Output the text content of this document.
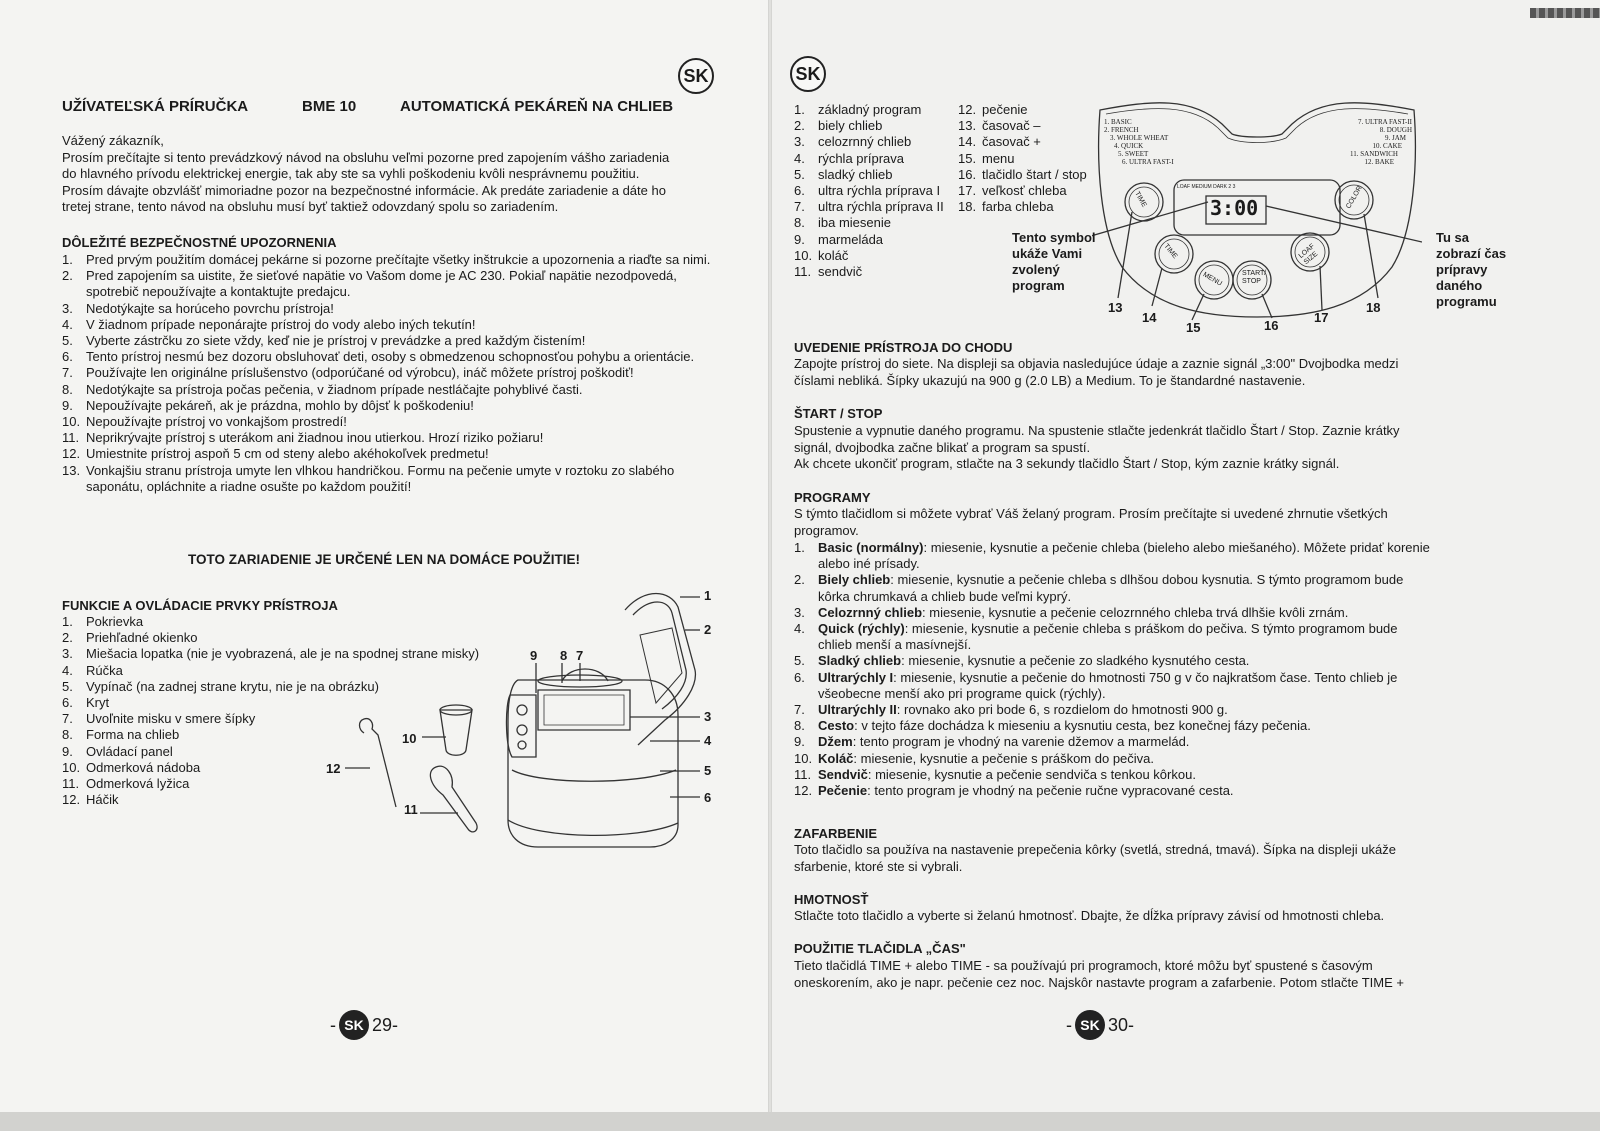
SK
UŽÍVATEĽSKÁ PRÍRUČKA	BME 10	AUTOMATICKÁ PEKÁREŇ NA CHLIEB
Vážený zákazník,
Prosím prečítajte si tento prevádzkový návod na obsluhu veľmi pozorne pred zapojením vášho zariadenia
do hlavného prívodu elektrickej energie, tak aby ste sa vyhli poškodeniu kvôli nesprávnemu použitiu.
Prosím dávajte obzvlášť mimoriadne pozor na bezpečnostné informácie. Ak predáte zariadenie a dáte ho
tretej strane, tento návod na obsluhu musí byť taktiež odovzdaný spolu so zariadením.
DÔLEŽITÉ BEZPEČNOSTNÉ UPOZORNENIA
1.	Pred prvým použitím domácej pekárne si pozorne prečítajte všetky inštrukcie a upozornenia a riaďte sa nimi.
2.	Pred zapojením sa uistite, že sieťové napätie vo Vašom dome je AC 230. Pokiaľ napätie nezodpovedá, spotrebič nepoužívajte a kontaktujte predajcu.
3.	Nedotýkajte sa horúceho povrchu prístroja!
4.	V žiadnom prípade neponárajte prístroj do vody alebo iných tekutín!
5.	Vyberte zástrčku zo siete vždy, keď nie je prístroj v prevádzke a pred každým čistením!
6.	Tento prístroj nesmú bez dozoru obsluhovať deti, osoby s obmedzenou schopnosťou pohybu a orientácie.
7.	Používajte len originálne príslušenstvo (odporúčané od výrobcu), ináč môžete prístroj poškodiť!
8.	Nedotýkajte sa prístroja počas pečenia, v žiadnom prípade nestláčajte pohyblivé časti.
9.	Nepoužívajte pekáreň, ak je prázdna, mohlo by dôjsť k poškodeniu!
10. Nepoužívajte prístroj vo vonkajšom prostredí!
11. Neprikrývajte prístroj s uterákom ani žiadnou inou utierkou. Hrozí riziko požiaru!
12. Umiestnite prístroj aspoň 5 cm od steny alebo akéhokoľvek predmetu!
13. Vonkajšiu stranu prístroja umyte len vlhkou handričkou. Formu na pečenie umyte v roztoku zo slabého saponátu, opláchnite a riadne osušte po každom použití!
TOTO ZARIADENIE JE URČENÉ LEN NA DOMÁCE POUŽITIE!
FUNKCIE A OVLÁDACIE PRVKY PRÍSTROJA
1.	Pokrievka
2.	Priehľadné okienko
3.	Miešacia lopatka (nie je vyobrazená, ale je na spodnej strane misky)
4.	Rúčka
5.	Vypínač (na zadnej strane krytu, nie je na obrázku)
6.	Kryt
7.	Uvoľnite misku v smere šípky
8.	Forma na chlieb
9.	Ovládací panel
10. Odmerková nádoba
11. Odmerková lyžica
12. Háčik
1
2
3
4
5
6
7
8
9
10
11
12
- SK 29 -
SK
1.	základný program
2.	biely chlieb
3.	celozrnný chlieb
4.	rýchla príprava
5.	sladký chlieb
6.	ultra rýchla príprava I
7.	ultra rýchla príprava II
8.	iba miesenie
9.	marmeláda
10. koláč
11. sendvič
12. pečenie
13. časovač –
14. časovač +
15. menu
16. tlačidlo štart / stop
17. veľkosť chleba
18. farba chleba
1. BASIC
2. FRENCH
3. WHOLE WHEAT
4. QUICK
5. SWEET
6. ULTRA FAST-I
7. ULTRA FAST-II
8. DOUGH
9. JAM
10. CAKE
11. SANDWICH
12. BAKE
LOAF MEDIUM DARK 2 3
3:00
TIME
TIME
MENU	START/ STOP
LOAF SIZE
COLOR
Tento symbol
ukáže Vami
zvolený
program
Tu sa
zobrazí čas
prípravy
daného
programu
13
14
15	16
17
18
UVEDENIE PRÍSTROJA DO CHODU
Zapojte prístroj do siete. Na displeji sa objavia nasledujúce údaje a zaznie signál „3:00" Dvojbodka medzi
číslami nebliká. Šípky ukazujú na 900 g (2.0 LB) a Medium. To je štandardné nastavenie.
ŠTART / STOP
Spustenie a vypnutie daného programu. Na spustenie stlačte jedenkrát tlačidlo Štart / Stop. Zaznie krátky
signál, dvojbodka začne blikať a program sa spustí.
Ak chcete ukončiť program, stlačte na 3 sekundy tlačidlo Štart / Stop, kým zaznie krátky signál.
PROGRAMY
S týmto tlačidlom si môžete vybrať Váš želaný program. Prosím prečítajte si uvedené zhrnutie všetkých
programov.
1.	Basic (normálny): miesenie, kysnutie a pečenie chleba (bieleho alebo miešaného). Môžete pridať korenie alebo iné prísady.
2.	Biely chlieb: miesenie, kysnutie a pečenie chleba s dlhšou dobou kysnutia. S týmto programom bude kôrka chrumkavá a chlieb bude veľmi kyprý.
3.	Celozrnný chlieb: miesenie, kysnutie a pečenie celozrnného chleba trvá dlhšie kvôli zrnám.
4.	Quick (rýchly): miesenie, kysnutie a pečenie chleba s práškom do pečiva. S týmto programom bude chlieb menší a masívnejší.
5.	Sladký chlieb: miesenie, kysnutie a pečenie zo sladkého kysnutého cesta.
6.	Ultrarýchly I: miesenie, kysnutie a pečenie do hmotnosti 750 g v čo najkratšom čase. Tento chlieb je všeobecne menší ako pri programe quick (rýchly).
7.	Ultrarýchly II: rovnako ako pri bode 6, s rozdielom do hmotnosti 900 g.
8.	Cesto: v tejto fáze dochádza k mieseniu a kysnutiu cesta, bez konečnej fázy pečenia.
9.	Džem: tento program je vhodný na varenie džemov a marmelád.
10. Koláč: miesenie, kysnutie a pečenie s práškom do pečiva.
11. Sendvič: miesenie, kysnutie a pečenie sendviča s tenkou kôrkou.
12. Pečenie: tento program je vhodný na pečenie ručne vypracované cesta.
ZAFARBENIE
Toto tlačidlo sa používa na nastavenie prepečenia kôrky (svetlá, stredná, tmavá). Šípka na displeji ukáže
sfarbenie, ktoré ste si vybrali.
HMOTNOSŤ
Stlačte toto tlačidlo a vyberte si želanú hmotnosť. Dbajte, že dĺžka prípravy závisí od hmotnosti chleba.
POUŽITIE TLAČIDLA „ČAS"
Tieto tlačidlá TIME + alebo TIME - sa používajú pri programoch, ktoré môžu byť spustené s časovým
oneskorením, ako je napr. pečenie cez noc. Najskôr nastavte program a zafarbenie. Potom stlačte TIME +
- SK 30 -
